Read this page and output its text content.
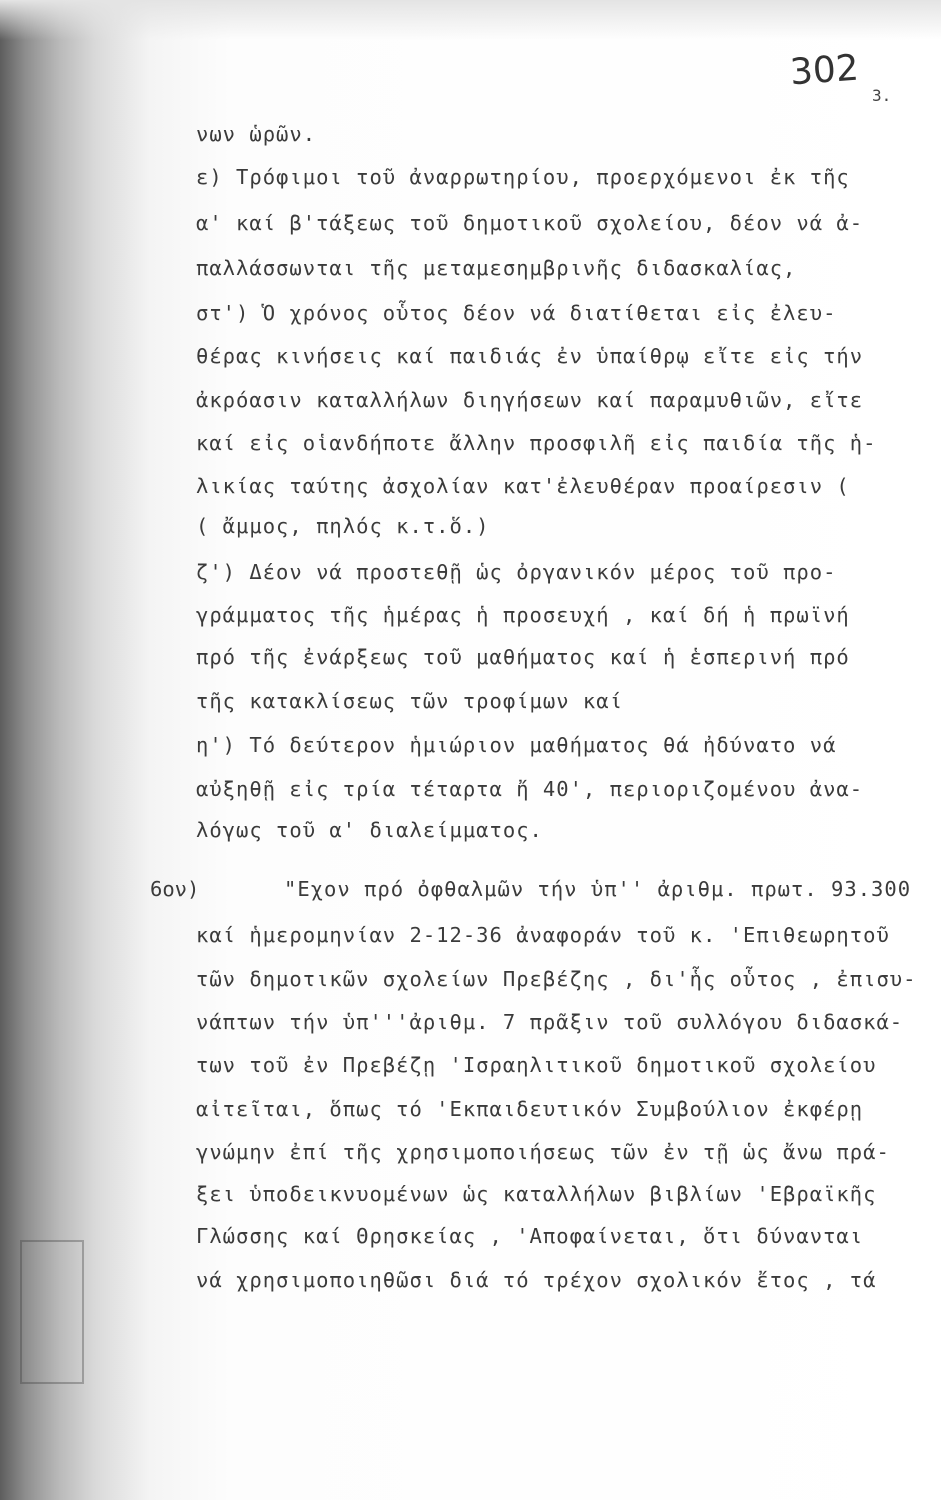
302
3.
6ον)
νων ὡρῶν.
ε) Τρόφιμοι τοῦ ἀναρρωτηρίου, προερχόμενοι ἐκ τῆς
α' καί β'τάξεως τοῦ δημοτικοῦ σχολείου, δέον νά ἀ-
παλλάσσωνται τῆς μεταμεσημβρινῆς διδασκαλίας,
στ') Ὁ χρόνος οὗτος δέον νά διατίθεται εἰς ἐλευ-
θέρας κινήσεις καί παιδιάς ἐν ὑπαίθρῳ εἴτε εἰς τήν
ἀκρόασιν καταλλήλων διηγήσεων καί παραμυθιῶν, εἴτε
καί εἰς οἱανδήποτε ἄλλην προσφιλῆ εἰς παιδία τῆς ἡ-
λικίας ταύτης ἀσχολίαν κατ'ἐλευθέραν προαίρεσιν (
( ἄμμος, πηλός κ.τ.ὅ.)
ζ') Δέον νά προστεθῇ ὡς ὀργανικόν μέρος τοῦ προ-
γράμματος τῆς ἡμέρας ἡ προσευχή , καί δή ἡ πρωϊνή
πρό τῆς ἐνάρξεως τοῦ μαθήματος καί ἡ ἑσπερινή πρό
τῆς κατακλίσεως τῶν τροφίμων καί
η') Τό δεύτερον ἡμιώριον μαθήματος θά ἠδύνατο νά
αὐξηθῇ εἰς τρία τέταρτα ἤ 40', περιοριζομένου ἀνα-
λόγως τοῦ α' διαλείμματος.
"Εχον πρό ὀφθαλμῶν τήν ὑπ'' ἀριθμ. πρωτ. 93.300
καί ἡμερομηνίαν 2-12-36 ἀναφοράν τοῦ κ. 'Επιθεωρητοῦ
τῶν δημοτικῶν σχολείων Πρεβέζης , δι'ἧς οὗτος , ἐπισυ-
νάπτων τήν ὑπ'''ἀριθμ. 7 πρᾶξιν τοῦ συλλόγου διδασκά-
των τοῦ ἐν Πρεβέζῃ 'Ισραηλιτικοῦ δημοτικοῦ σχολείου
αἰτεῖται, ὅπως τό 'Εκπαιδευτικόν Συμβούλιον ἐκφέρῃ
γνώμην ἐπί τῆς χρησιμοποιήσεως τῶν ἐν τῇ ὡς ἄνω πρά-
ξει ὑποδεικνυομένων ὡς καταλλήλων βιβλίων 'Εβραϊκῆς
Γλώσσης καί Θρησκείας , 'Αποφαίνεται, ὅτι δύνανται
νά χρησιμοποιηθῶσι διά τό τρέχον σχολικόν ἔτος , τά
